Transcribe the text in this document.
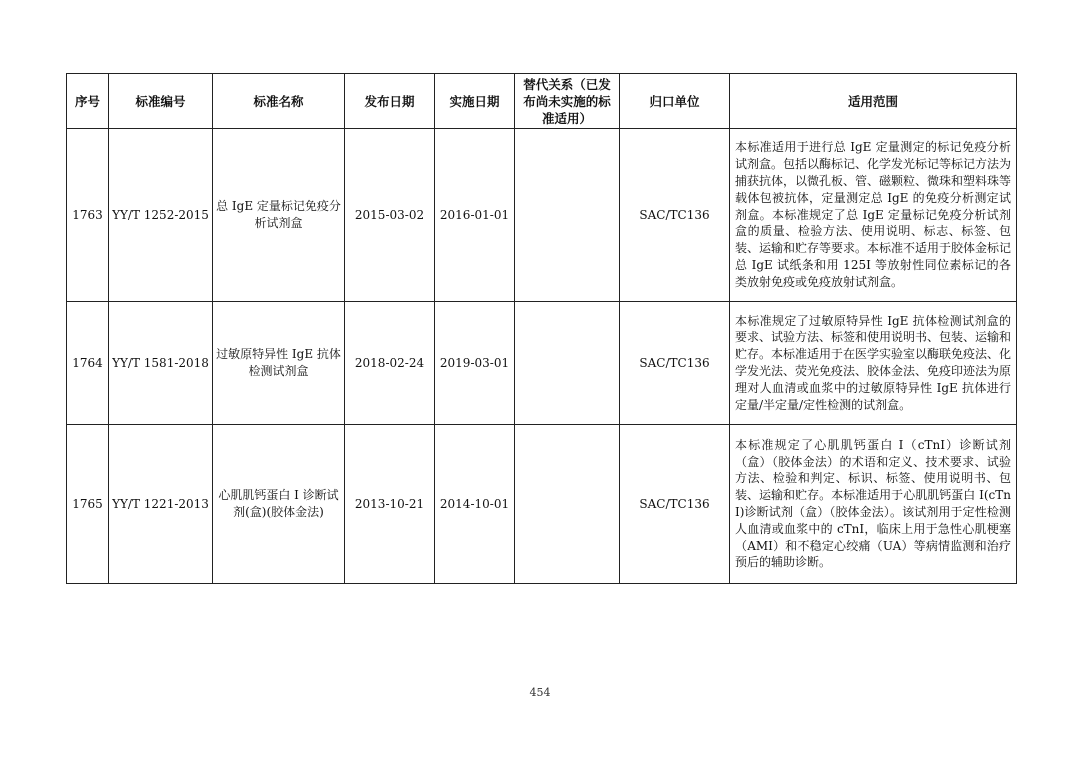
序号	标准编号	标准名称	发布日期	实施日期	替代关系（已发布尚未实施的标准适用）	归口单位	适用范围
1763	YY/T 1252-2015	总 IgE 定量标记免疫分析试剂盒	2015-03-02	2016-01-01		SAC/TC136	本标准适用于进行总 IgE 定量测定的标记免疫分析试剂盒。包括以酶标记、化学发光标记等标记方法为捕获抗体，以微孔板、管、磁颗粒、微珠和塑料珠等载体包被抗体，定量测定总 IgE 的免疫分析测定试剂盒。本标准规定了总 IgE 定量标记免疫分析试剂盒的质量、检验方法、使用说明、标志、标签、包装、运输和贮存等要求。本标准不适用于胶体金标记总 IgE 试纸条和用 125I 等放射性同位素标记的各类放射免疫或免疫放射试剂盒。
1764	YY/T 1581-2018	过敏原特异性 IgE 抗体检测试剂盒	2018-02-24	2019-03-01		SAC/TC136	本标准规定了过敏原特异性 IgE 抗体检测试剂盒的要求、试验方法、标签和使用说明书、包装、运输和贮存。本标准适用于在医学实验室以酶联免疫法、化学发光法、荧光免疫法、胶体金法、免疫印迹法为原理对人血清或血浆中的过敏原特异性 IgE 抗体进行定量/半定量/定性检测的试剂盒。
1765	YY/T 1221-2013	心肌肌钙蛋白 I 诊断试剂(盒)(胶体金法)	2013-10-21	2014-10-01		SAC/TC136	本标准规定了心肌肌钙蛋白 I（cTnI）诊断试剂（盒）（胶体金法）的术语和定义、技术要求、试验方法、检验和判定、标识、标签、使用说明书、包装、运输和贮存。本标准适用于心肌肌钙蛋白 I(cTnI)诊断试剂（盒）（胶体金法）。该试剂用于定性检测人血清或血浆中的 cTnI，临床上用于急性心肌梗塞（AMI）和不稳定心绞痛（UA）等病情监测和治疗预后的辅助诊断。
454
